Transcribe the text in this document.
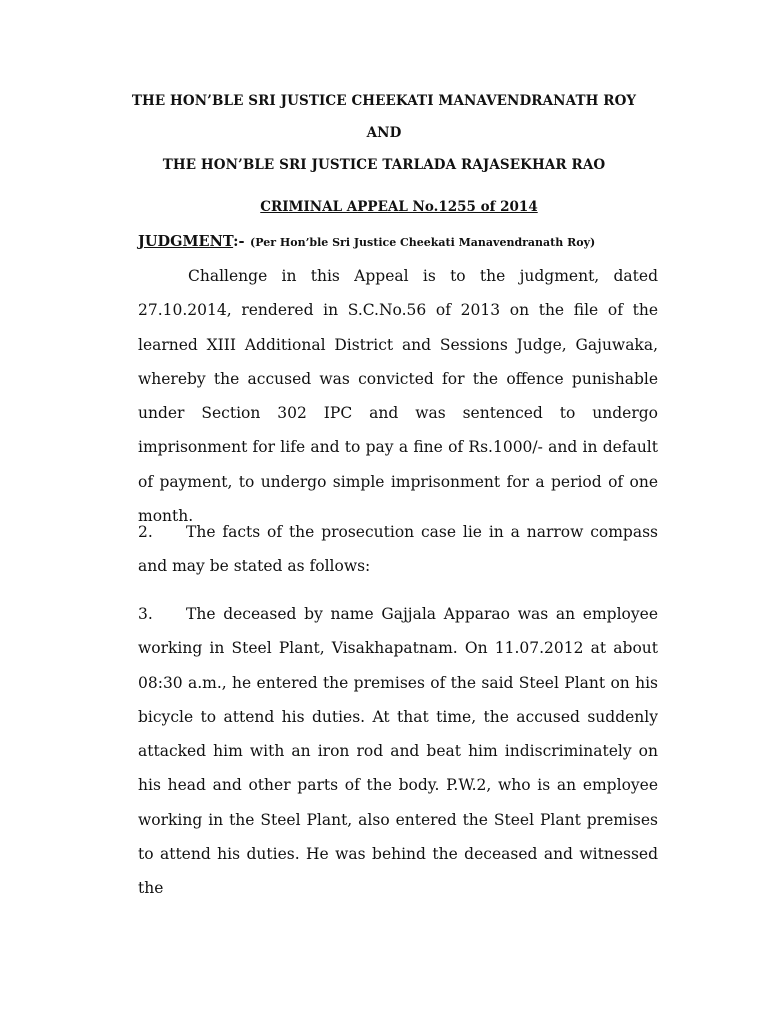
THE HON’BLE SRI JUSTICE CHEEKATI MANAVENDRANATH ROY
AND
THE HON’BLE SRI JUSTICE TARLADA RAJASEKHAR RAO
CRIMINAL APPEAL No.1255 of 2014
JUDGMENT:- (Per Hon’ble Sri Justice Cheekati Manavendranath Roy)

Challenge in this Appeal is to the judgment, dated 27.10.2014, rendered in S.C.No.56 of 2013 on the file of the learned XIII Additional District and Sessions Judge, Gajuwaka, whereby the accused was convicted for the offence punishable under Section 302 IPC and was sentenced to undergo imprisonment for life and to pay a fine of Rs.1000/- and in default of payment, to undergo simple imprisonment for a period of one month.

2. The facts of the prosecution case lie in a narrow compass and may be stated as follows:

3. The deceased by name Gajjala Apparao was an employee working in Steel Plant, Visakhapatnam. On 11.07.2012 at about 08:30 a.m., he entered the premises of the said Steel Plant on his bicycle to attend his duties. At that time, the accused suddenly attacked him with an iron rod and beat him indiscriminately on his head and other parts of the body. P.W.2, who is an employee working in the Steel Plant, also entered the Steel Plant premises to attend his duties. He was behind the deceased and witnessed the
